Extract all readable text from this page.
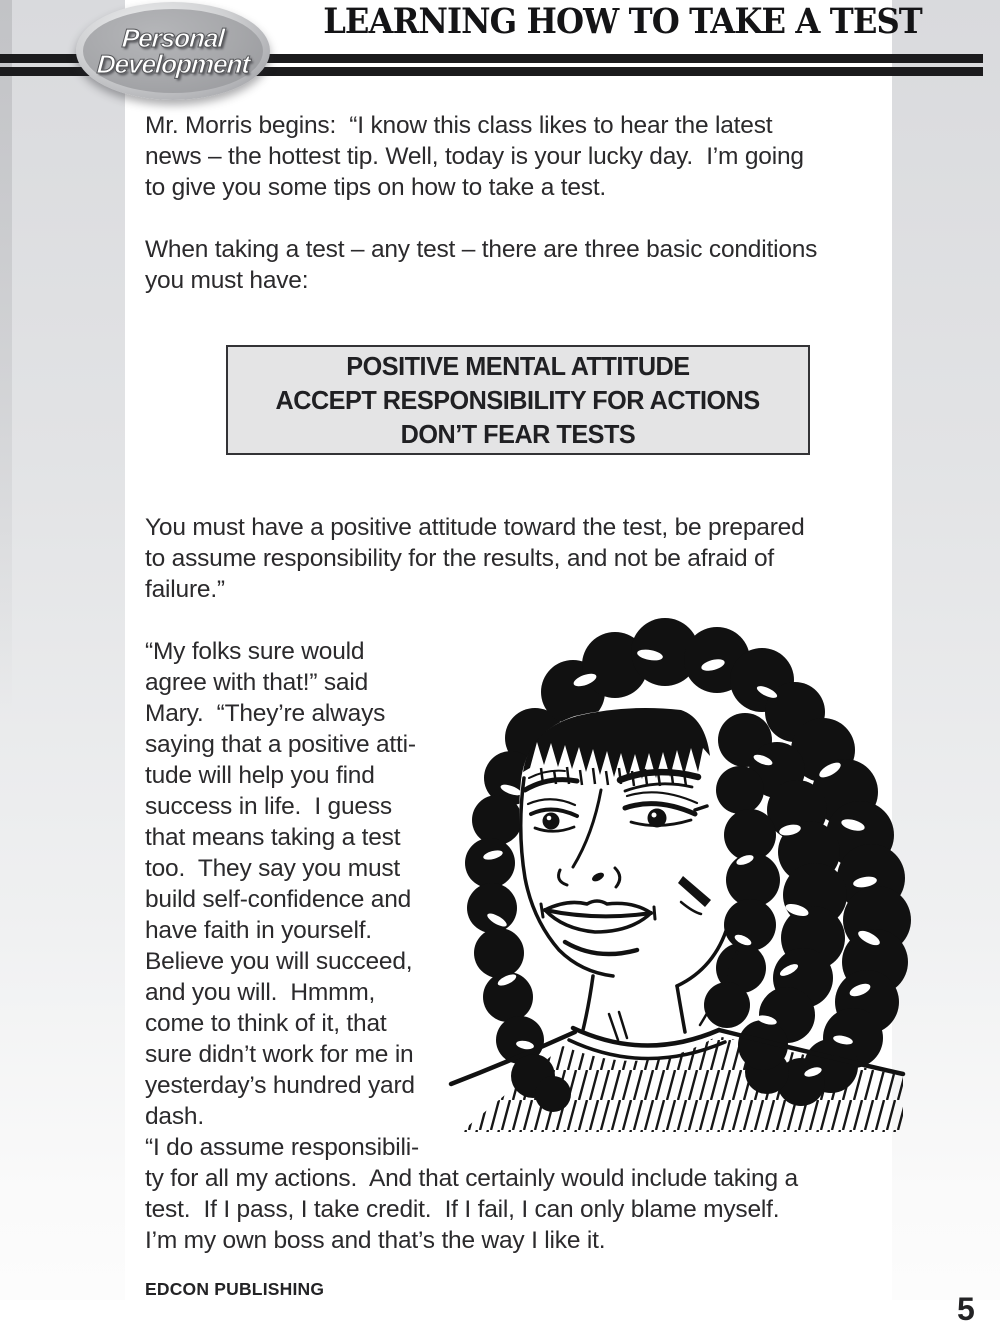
Personal
Development
LEARNING HOW TO TAKE A TEST
Mr. Morris begins:  “I know this class likes to hear the latest
news – the hottest tip. Well, today is your lucky day.  I’m going
to give you some tips on how to take a test.
When taking a test – any test – there are three basic conditions
you must have:
POSITIVE MENTAL ATTITUDE
ACCEPT RESPONSIBILITY FOR ACTIONS
DON’T FEAR TESTS
You must have a positive attitude toward the test, be prepared
to assume responsibility for the results, and not be afraid of
failure.”
“My folks sure would
agree with that!” said
Mary.  “They’re always
saying that a positive atti-
tude will help you find
success in life.  I guess
that means taking a test
too.  They say you must
build self-confidence and
have faith in yourself.
Believe you will succeed,
and you will.  Hmmm,
come to think of it, that
sure didn’t work for me in
yesterday’s hundred yard
dash.
“I do assume responsibili-
ty for all my actions.  And that certainly would include taking a
test.  If I pass, I take credit.  If I fail, I can only blame myself.
I’m my own boss and that’s the way I like it.
EDCON PUBLISHING
5
